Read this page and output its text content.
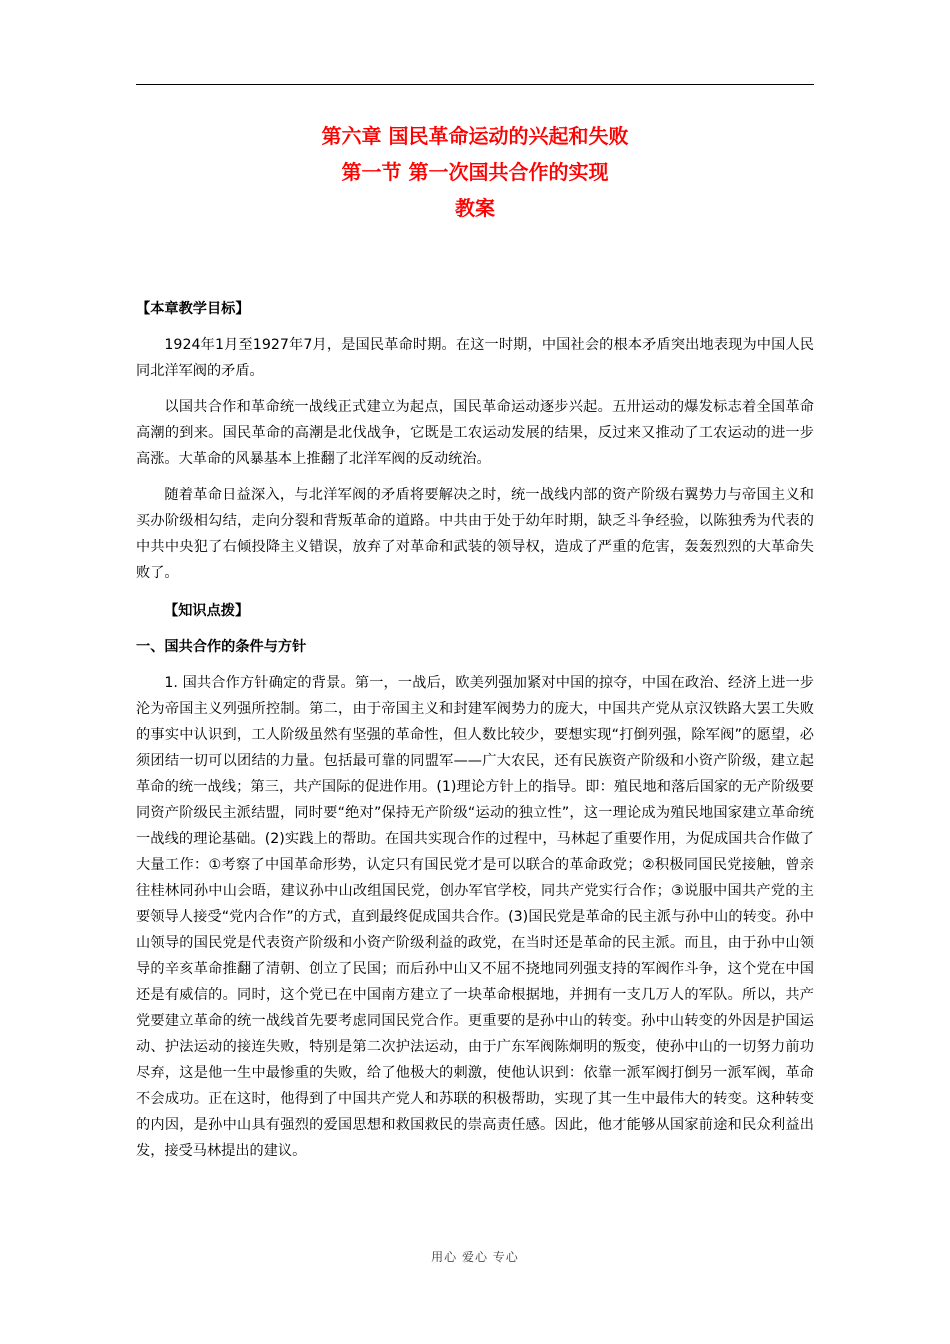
第六章 国民革命运动的兴起和失败
第一节 第一次国共合作的实现
教案

【本章教学目标】

1924年1月至1927年7月，是国民革命时期。在这一时期，中国社会的根本矛盾突出地表现为中国人民同北洋军阀的矛盾。

以国共合作和革命统一战线正式建立为起点，国民革命运动逐步兴起。五卅运动的爆发标志着全国革命高潮的到来。国民革命的高潮是北伐战争，它既是工农运动发展的结果，反过来又推动了工农运动的进一步高涨。大革命的风暴基本上推翻了北洋军阀的反动统治。

随着革命日益深入，与北洋军阀的矛盾将要解决之时，统一战线内部的资产阶级右翼势力与帝国主义和买办阶级相勾结，走向分裂和背叛革命的道路。中共由于处于幼年时期，缺乏斗争经验，以陈独秀为代表的中共中央犯了右倾投降主义错误，放弃了对革命和武装的领导权，造成了严重的危害，轰轰烈烈的大革命失败了。

【知识点拨】

一、国共合作的条件与方针

1. 国共合作方针确定的背景。第一，一战后，欧美列强加紧对中国的掠夺，中国在政治、经济上进一步沦为帝国主义列强所控制。第二，由于帝国主义和封建军阀势力的庞大，中国共产党从京汉铁路大罢工失败的事实中认识到，工人阶级虽然有坚强的革命性，但人数比较少，要想实现“打倒列强，除军阀”的愿望，必须团结一切可以团结的力量。包括最可靠的同盟军——广大农民，还有民族资产阶级和小资产阶级，建立起革命的统一战线；第三，共产国际的促进作用。(1)理论方针上的指导。即：殖民地和落后国家的无产阶级要同资产阶级民主派结盟，同时要“绝对”保持无产阶级“运动的独立性”，这一理论成为殖民地国家建立革命统一战线的理论基础。(2)实践上的帮助。在国共实现合作的过程中，马林起了重要作用，为促成国共合作做了大量工作：①考察了中国革命形势，认定只有国民党才是可以联合的革命政党；②积极同国民党接触，曾亲往桂林同孙中山会晤，建议孙中山改组国民党，创办军官学校，同共产党实行合作；③说服中国共产党的主要领导人接受“党内合作”的方式，直到最终促成国共合作。(3)国民党是革命的民主派与孙中山的转变。孙中山领导的国民党是代表资产阶级和小资产阶级利益的政党，在当时还是革命的民主派。而且，由于孙中山领导的辛亥革命推翻了清朝、创立了民国；而后孙中山又不屈不挠地同列强支持的军阀作斗争，这个党在中国还是有威信的。同时，这个党已在中国南方建立了一块革命根据地，并拥有一支几万人的军队。所以，共产党要建立革命的统一战线首先要考虑同国民党合作。更重要的是孙中山的转变。孙中山转变的外因是护国运动、护法运动的接连失败，特别是第二次护法运动，由于广东军阀陈炯明的叛变，使孙中山的一切努力前功尽弃，这是他一生中最惨重的失败，给了他极大的刺激，使他认识到：依靠一派军阀打倒另一派军阀，革命不会成功。正在这时，他得到了中国共产党人和苏联的积极帮助，实现了其一生中最伟大的转变。这种转变的内因，是孙中山具有强烈的爱国思想和救国救民的崇高责任感。因此，他才能够从国家前途和民众利益出发，接受马林提出的建议。

用心 爱心 专心
